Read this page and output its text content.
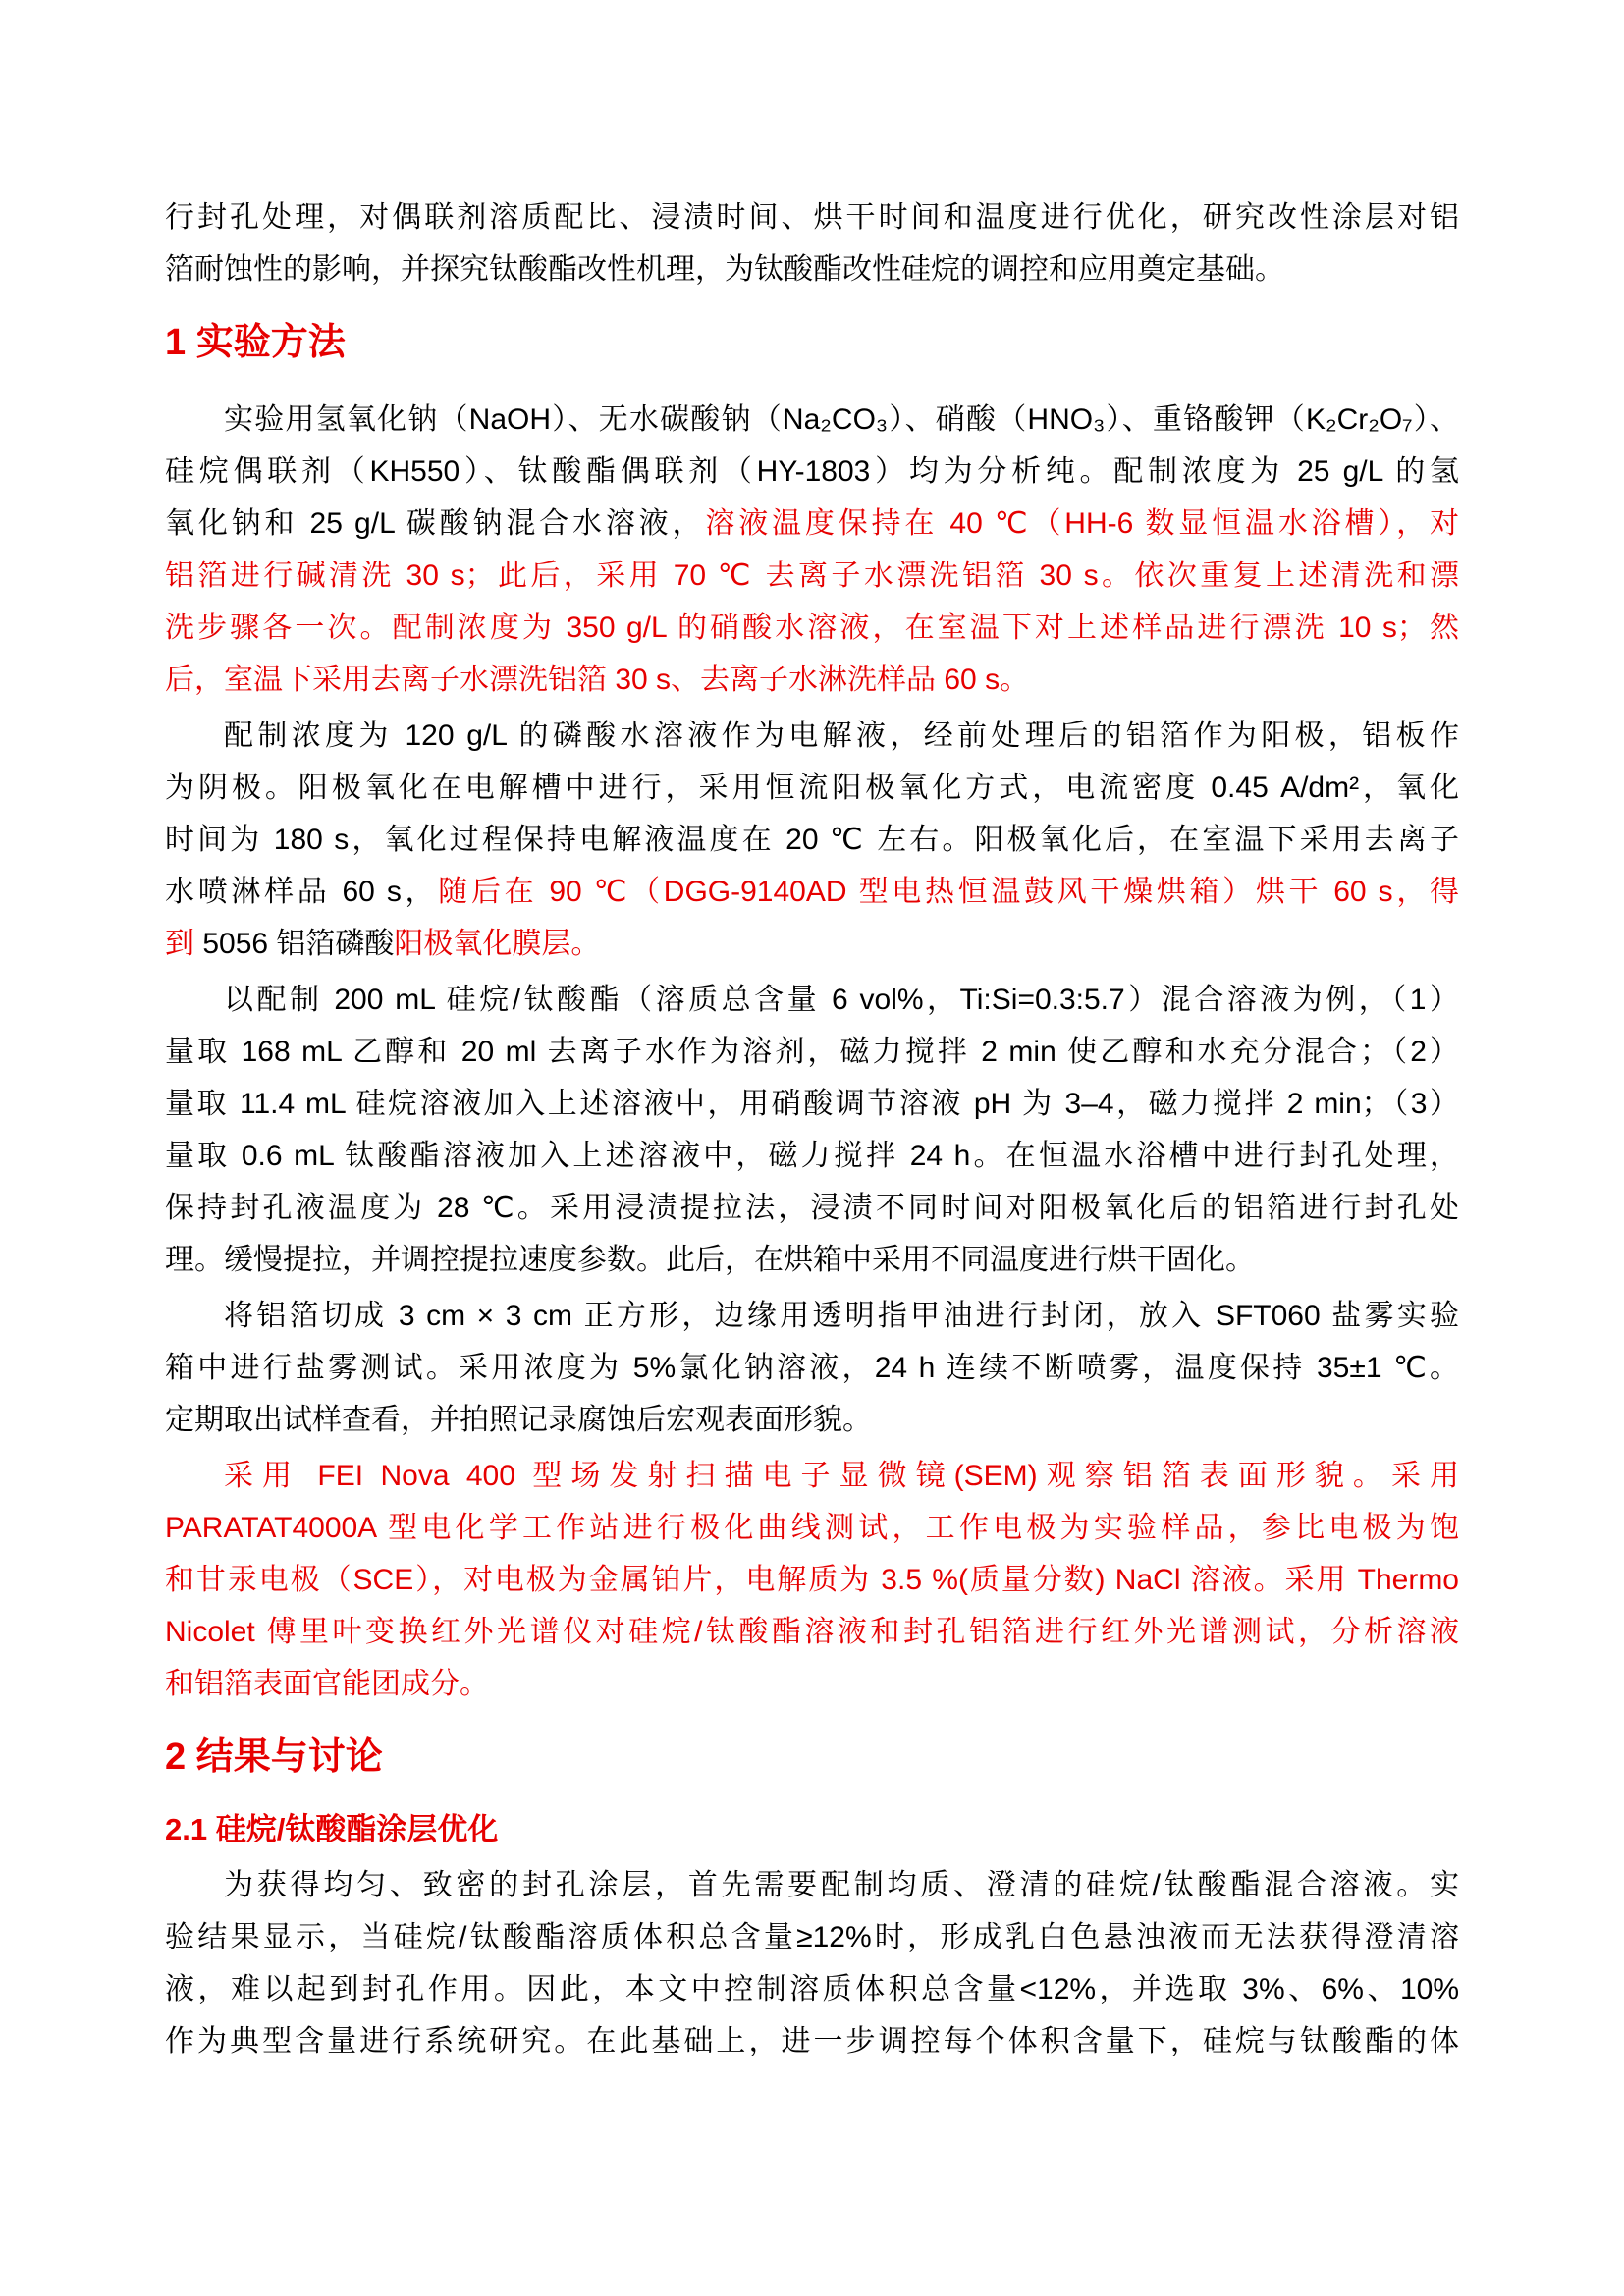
行封孔处理，对偶联剂溶质配比、浸渍时间、烘干时间和温度进行优化，研究改性涂层对铝
箔耐蚀性的影响，并探究钛酸酯改性机理，为钛酸酯改性硅烷的调控和应用奠定基础。
1 实验方法
实验用氢氧化钠（NaOH）、无水碳酸钠（Na₂CO₃）、硝酸（HNO₃）、重铬酸钾（K₂Cr₂O₇）、
硅烷偶联剂（KH550）、钛酸酯偶联剂（HY-1803）均为分析纯。配制浓度为 25 g/L 的氢
氧化钠和 25 g/L 碳酸钠混合水溶液，溶液温度保持在 40 ℃（HH-6 数显恒温水浴槽），对
铝箔进行碱清洗 30 s；此后，采用 70 ℃ 去离子水漂洗铝箔 30 s。依次重复上述清洗和漂
洗步骤各一次。配制浓度为 350 g/L 的硝酸水溶液，在室温下对上述样品进行漂洗 10 s；然
后，室温下采用去离子水漂洗铝箔 30 s、去离子水淋洗样品 60 s。
配制浓度为 120 g/L 的磷酸水溶液作为电解液，经前处理后的铝箔作为阳极，铝板作
为阴极。阳极氧化在电解槽中进行，采用恒流阳极氧化方式，电流密度 0.45 A/dm²，氧化
时间为 180 s，氧化过程保持电解液温度在 20 ℃ 左右。阳极氧化后，在室温下采用去离子
水喷淋样品 60 s，随后在 90 ℃（DGG-9140AD 型电热恒温鼓风干燥烘箱）烘干 60 s，得
到 5056 铝箔磷酸阳极氧化膜层。
以配制 200 mL 硅烷/钛酸酯（溶质总含量 6 vol%，Ti:Si=0.3:5.7）混合溶液为例，（1）
量取 168 mL 乙醇和 20 ml 去离子水作为溶剂，磁力搅拌 2 min 使乙醇和水充分混合；（2）
量取 11.4 mL 硅烷溶液加入上述溶液中，用硝酸调节溶液 pH 为 3–4，磁力搅拌 2 min；（3）
量取 0.6 mL 钛酸酯溶液加入上述溶液中，磁力搅拌 24 h。在恒温水浴槽中进行封孔处理，
保持封孔液温度为 28 ℃。采用浸渍提拉法，浸渍不同时间对阳极氧化后的铝箔进行封孔处
理。缓慢提拉，并调控提拉速度参数。此后，在烘箱中采用不同温度进行烘干固化。
将铝箔切成 3 cm × 3 cm 正方形，边缘用透明指甲油进行封闭，放入 SFT060 盐雾实验
箱中进行盐雾测试。采用浓度为 5%氯化钠溶液，24 h 连续不断喷雾，温度保持 35±1 ℃。
定期取出试样查看，并拍照记录腐蚀后宏观表面形貌。
采用 FEI Nova 400 型场发射扫描电子显微镜(SEM)观察铝箔表面形貌。采用
PARATAT4000A 型电化学工作站进行极化曲线测试，工作电极为实验样品，参比电极为饱
和甘汞电极（SCE），对电极为金属铂片，电解质为 3.5 %(质量分数) NaCl 溶液。采用 Thermo
Nicolet 傅里叶变换红外光谱仪对硅烷/钛酸酯溶液和封孔铝箔进行红外光谱测试，分析溶液
和铝箔表面官能团成分。
2 结果与讨论
2.1 硅烷/钛酸酯涂层优化
为获得均匀、致密的封孔涂层，首先需要配制均质、澄清的硅烷/钛酸酯混合溶液。实
验结果显示，当硅烷/钛酸酯溶质体积总含量≥12%时，形成乳白色悬浊液而无法获得澄清溶
液，难以起到封孔作用。因此，本文中控制溶质体积总含量<12%，并选取 3%、6%、10%
作为典型含量进行系统研究。在此基础上，进一步调控每个体积含量下，硅烷与钛酸酯的体
